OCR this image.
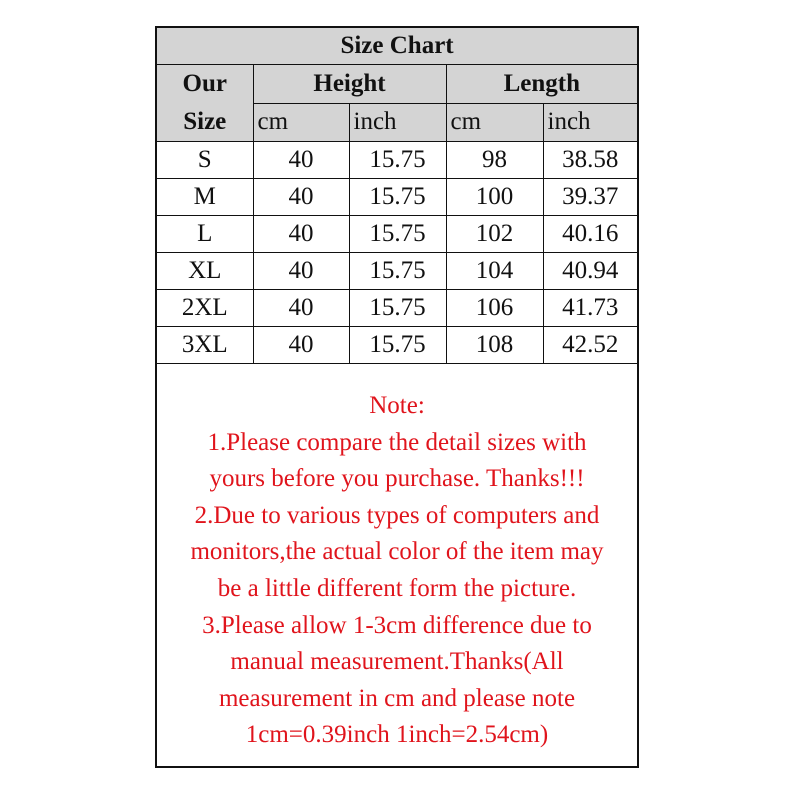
Size Chart				
Our
Size	Height		Length	
	cm	inch	cm	inch
S	40	15.75	98	38.58
M	40	15.75	100	39.37
L	40	15.75	102	40.16
XL	40	15.75	104	40.94
2XL	40	15.75	106	41.73
3XL	40	15.75	108	42.52
Note:
1.Please compare the detail sizes with
yours before you purchase. Thanks!!!
2.Due to various types of computers and
monitors,the actual color of the item may
be a little different form the picture.
3.Please allow 1-3cm difference due to
manual measurement.Thanks(All
measurement in cm and please note
1cm=0.39inch 1inch=2.54cm)
